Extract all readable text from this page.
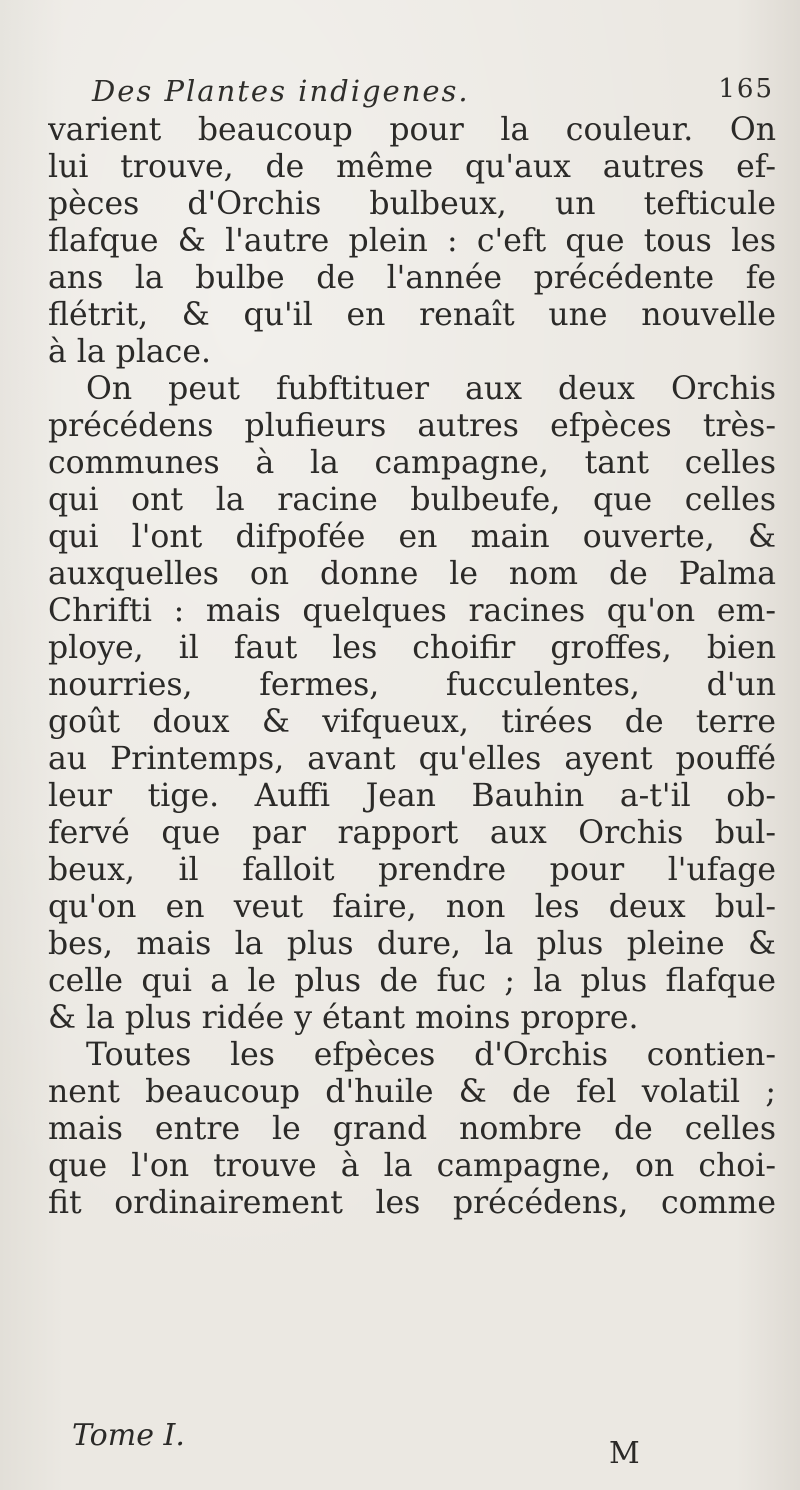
Des Plantes indigenes.	165
varient beaucoup pour la couleur. On
lui trouve, de même qu'aux autres ef-
pèces d'Orchis bulbeux, un tefticule
flafque & l'autre plein : c'eft que tous les
ans la bulbe de l'année précédente fe
flétrit, & qu'il en renaît une nouvelle
à la place.
On peut fubftituer aux deux Orchis
précédens plufieurs autres efpèces très-
communes à la campagne, tant celles
qui ont la racine bulbeufe, que celles
qui l'ont difpofée en main ouverte, &
auxquelles on donne le nom de Palma
Chrifti : mais quelques racines qu'on em-
ploye, il faut les choifir groffes, bien
nourries, fermes, fucculentes, d'un
goût doux & vifqueux, tirées de terre
au Printemps, avant qu'elles ayent pouffé
leur tige. Auffi Jean Bauhin a-t'il ob-
fervé que par rapport aux Orchis bul-
beux, il falloit prendre pour l'ufage
qu'on en veut faire, non les deux bul-
bes, mais la plus dure, la plus pleine &
celle qui a le plus de fuc ; la plus flafque
& la plus ridée y étant moins propre.
Toutes les efpèces d'Orchis contien-
nent beaucoup d'huile & de fel volatil ;
mais entre le grand nombre de celles
que l'on trouve à la campagne, on choi-
fit ordinairement les précédens, comme
Tome I.
M
